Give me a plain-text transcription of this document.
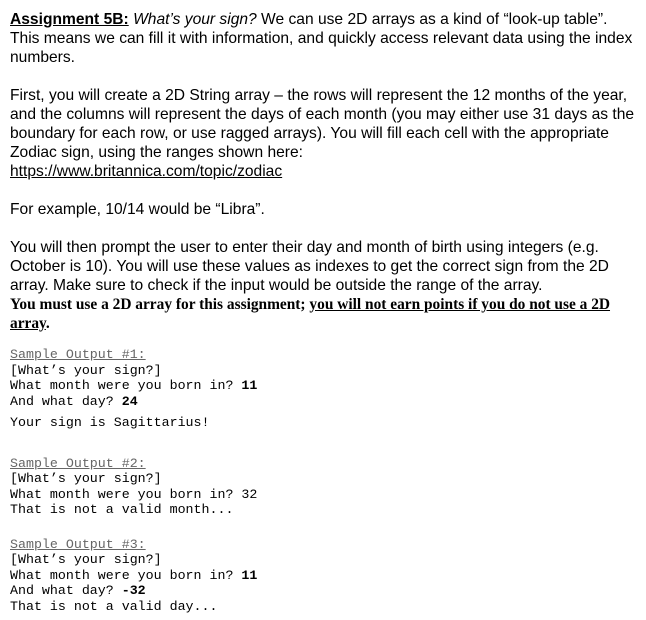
Assignment 5B: What’s your sign? We can use 2D arrays as a kind of “look-up table”. This means we can fill it with information, and quickly access relevant data using the index numbers.

First, you will create a 2D String array – the rows will represent the 12 months of the year, and the columns will represent the days of each month (you may either use 31 days as the boundary for each row, or use ragged arrays). You will fill each cell with the appropriate Zodiac sign, using the ranges shown here:
https://www.britannica.com/topic/zodiac

For example, 10/14 would be “Libra”.

You will then prompt the user to enter their day and month of birth using integers (e.g. October is 10). You will use these values as indexes to get the correct sign from the 2D array. Make sure to check if the input would be outside the range of the array.

You must use a 2D array for this assignment; you will not earn points if you do not use a 2D array.

Sample Output #1:
[What’s your sign?]
What month were you born in? 11
And what day? 24

Your sign is Sagittarius!
Sample Output #2:
[What’s your sign?]
What month were you born in? 32
That is not a valid month...
Sample Output #3:
[What’s your sign?]
What month were you born in? 11
And what day? -32
That is not a valid day...
